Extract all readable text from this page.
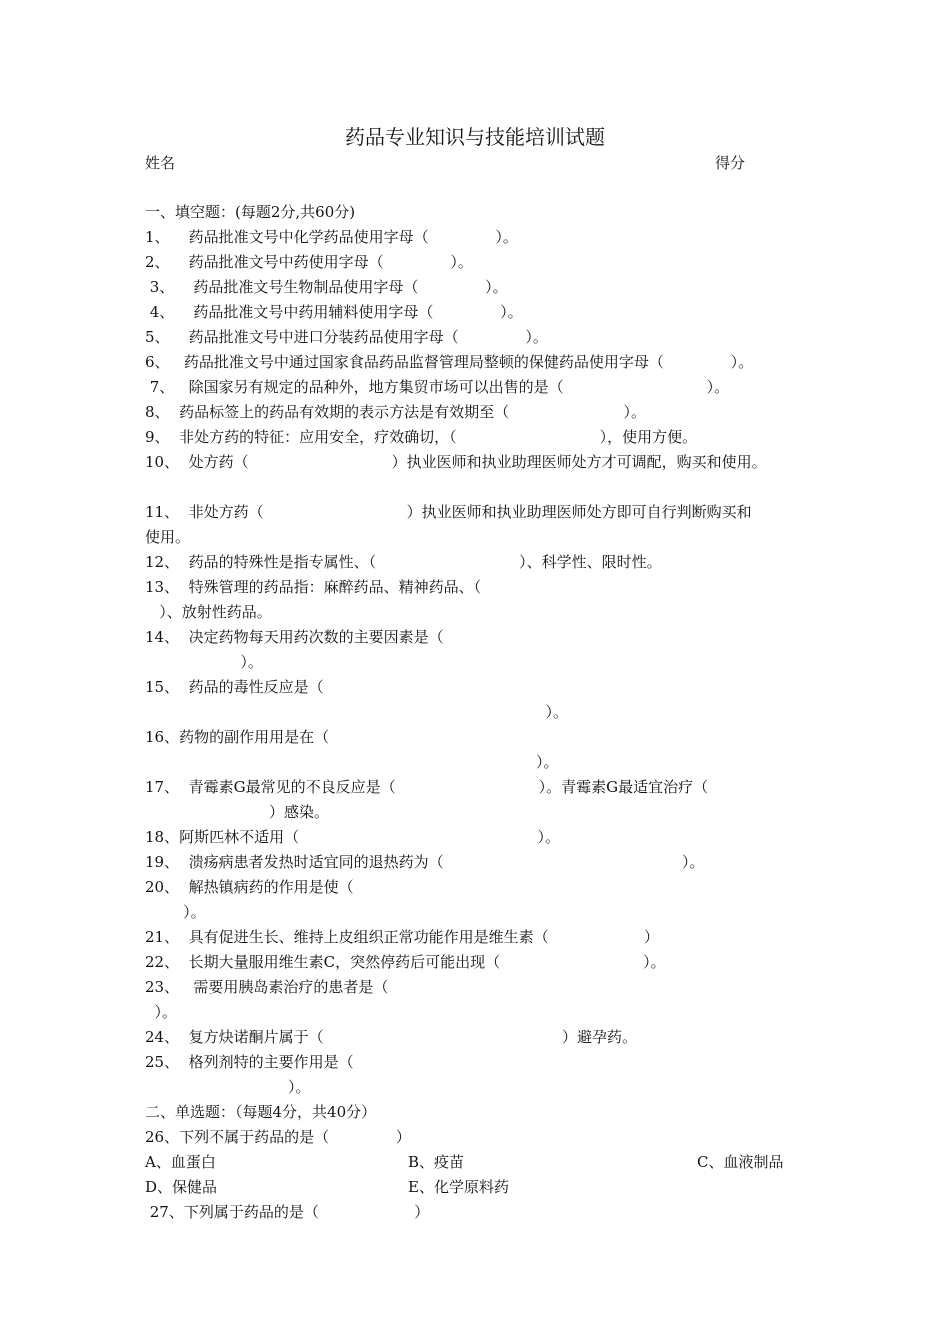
药品专业知识与技能培训试题
姓名	得分
一、填空题：(每题2分,共60分)
1、    药品批准文号中化学药品使用字母（              ）。
2、    药品批准文号中药使用字母（              ）。
3、    药品批准文号生物制品使用字母（              ）。
4、    药品批准文号中药用辅料使用字母（              ）。
5、    药品批准文号中进口分装药品使用字母（              ）。
6、   药品批准文号中通过国家食品药品监督管理局整顿的保健药品使用字母（              ）。
7、   除国家另有规定的品种外，地方集贸市场可以出售的是（                              ）。
8、  药品标签上的药品有效期的表示方法是有效期至（                        ）。
9、  非处方药的特征：应用安全，疗效确切，（                              ），使用方便。
10、  处方药（                              ）执业医师和执业助理医师处方才可调配，购买和使用。
11、  非处方药（                              ）执业医师和执业助理医师处方即可自行判断购买和
使用。
12、  药品的特殊性是指专属性、（                              ）、科学性、限时性。
13、  特殊管理的药品指：麻醉药品、精神药品、（
）、放射性药品。
14、  决定药物每天用药次数的主要因素是（
）。
15、  药品的毒性反应是（
）。
16、药物的副作用用是在（
）。
17、  青霉素G最常见的不良反应是（                              ）。青霉素G最适宜治疗（
）感染。
18、阿斯匹林不适用（                                                  ）。
19、  溃疡病患者发热时适宜同的退热药为（                                                  ）。
20、  解热镇病药的作用是使（
）。
21、  具有促进生长、维持上皮组织正常功能作用是维生素（                    ）
22、  长期大量服用维生素C，突然停药后可能出现（                              ）。
23、   需要用胰岛素治疗的患者是（
）。
24、  复方炔诺酮片属于（                                                  ）避孕药。
25、  格列剂特的主要作用是（
）。
二、单选题：（每题4分，共40分）
26、下列不属于药品的是（              ）
A、血蛋白	B、疫苗	C、血液制品
D、保健品	E、化学原料药
27、下列属于药品的是（                    ）
